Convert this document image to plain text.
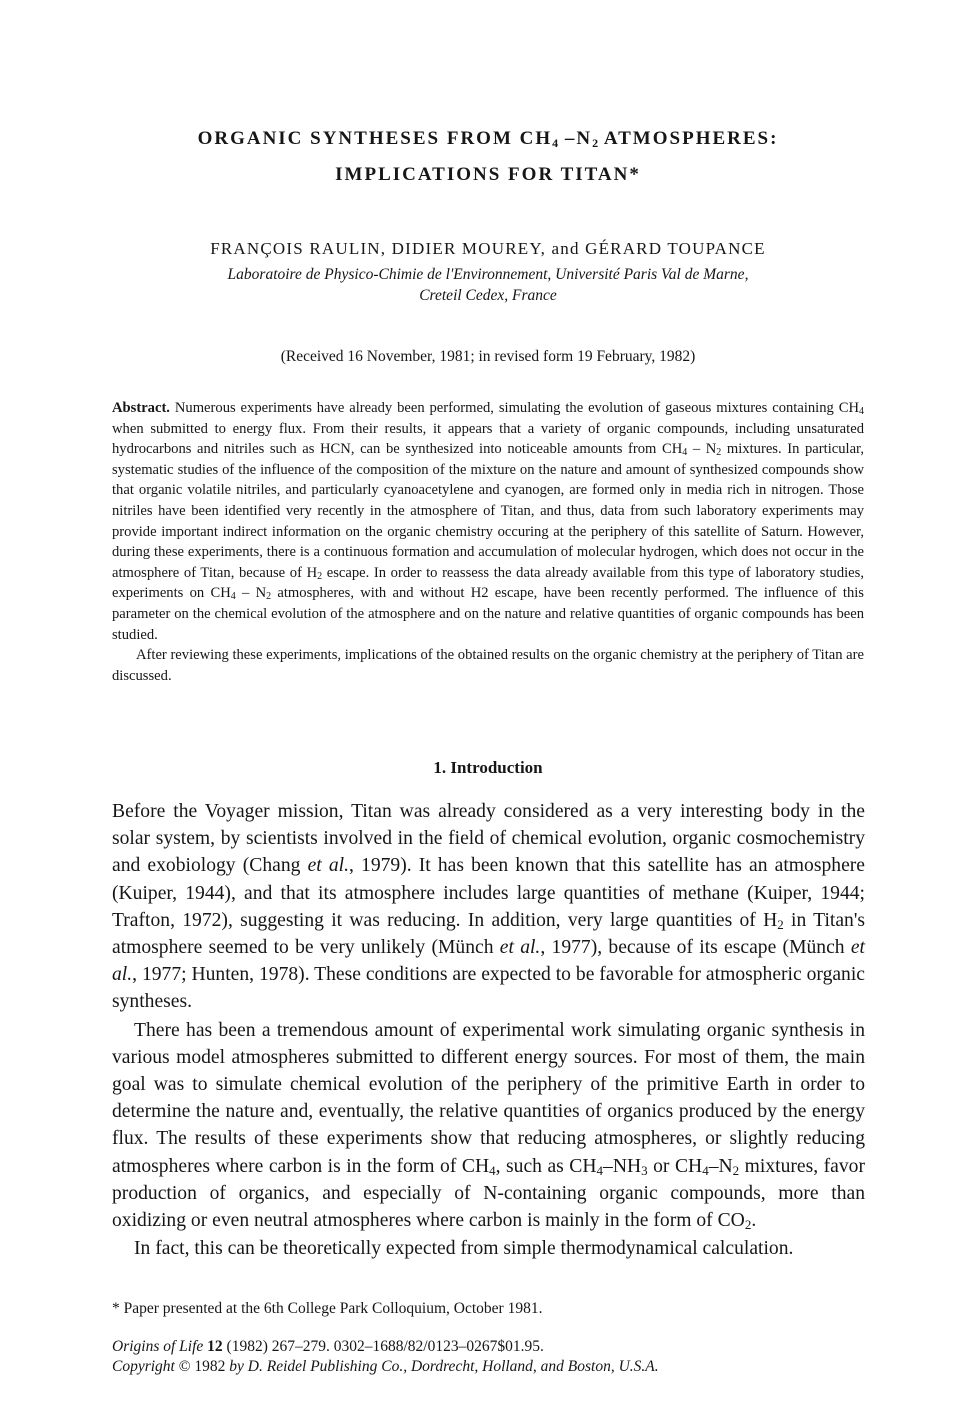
ORGANIC SYNTHESES FROM $CH_4$ $-N_2$ ATMOSPHERES:
IMPLICATIONS FOR TITAN*
FRANÇOIS RAULIN, DIDIER MOUREY, and GÉRARD TOUPANCE
Laboratoire de Physico-Chimie de l'Environnement, Université Paris Val de Marne,
Creteil Cedex, France
(Received 16 November, 1981; in revised form 19 February, 1982)

Abstract. Numerous experiments have already been performed, simulating the evolution of gaseous mixtures containing $CH_4$ when submitted to energy flux. From their results, it appears that a variety of organic compounds, including unsaturated hydrocarbons and nitriles such as HCN, can be synthesized into noticeable amounts from $CH_4 - N_2$ mixtures. In particular, systematic studies of the influence of the composition of the mixture on the nature and amount of synthesized compounds show that organic volatile nitriles, and particularly cyanoacetylene and cyanogen, are formed only in media rich in nitrogen. Those nitriles have been identified very recently in the atmosphere of Titan, and thus, data from such laboratory experiments may provide important indirect information on the organic chemistry occuring at the periphery of this satellite of Saturn. However, during these experiments, there is a continuous formation and accumulation of molecular hydrogen, which does not occur in the atmosphere of Titan, because of $H_2$ escape. In order to reassess the data already available from this type of laboratory studies, experiments on $CH_4 - N_2$ atmospheres, with and without H2 escape, have been recently performed. The influence of this parameter on the chemical evolution of the atmosphere and on the nature and relative quantities of organic compounds has been studied.

After reviewing these experiments, implications of the obtained results on the organic chemistry at the periphery of Titan are discussed.

1. Introduction

Before the Voyager mission, Titan was already considered as a very interesting body in the solar system, by scientists involved in the field of chemical evolution, organic cosmochemistry and exobiology (Chang et al., 1979). It has been known that this satellite has an atmosphere (Kuiper, 1944), and that its atmosphere includes large quantities of methane (Kuiper, 1944; Trafton, 1972), suggesting it was reducing. In addition, very large quantities of $H_2$ in Titan's atmosphere seemed to be very unlikely (Münch et al., 1977), because of its escape (Münch et al., 1977; Hunten, 1978). These conditions are expected to be favorable for atmospheric organic syntheses.

There has been a tremendous amount of experimental work simulating organic synthesis in various model atmospheres submitted to different energy sources. For most of them, the main goal was to simulate chemical evolution of the periphery of the primitive Earth in order to determine the nature and, eventually, the relative quantities of organics produced by the energy flux. The results of these experiments show that reducing atmospheres, or slightly reducing atmospheres where carbon is in the form of $CH_4$, such as $CH_4-NH_3$ or $CH_4-N_2$ mixtures, favor production of organics, and especially of N-containing organic compounds, more than oxidizing or even neutral atmospheres where carbon is mainly in the form of $CO_2$.

In fact, this can be theoretically expected from simple thermodynamical calculation.

* Paper presented at the 6th College Park Colloquium, October 1981.
Origins of Life 12 (1982) 267–279. 0302–1688/82/0123–0267$01.95.
Copyright © 1982 by D. Reidel Publishing Co., Dordrecht, Holland, and Boston, U.S.A.
